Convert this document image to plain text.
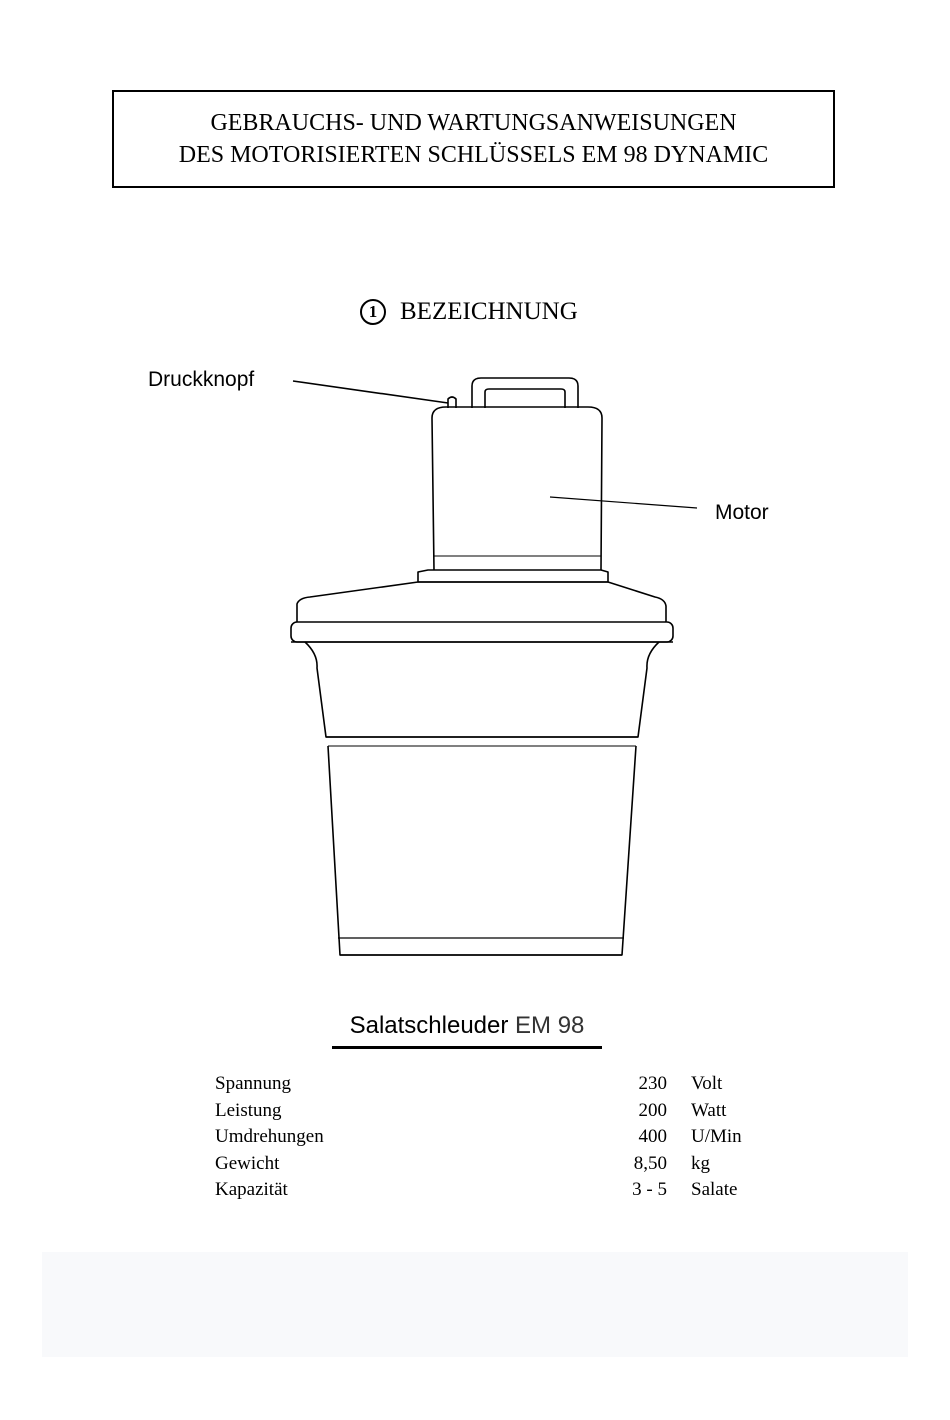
GEBRAUCHS- UND WARTUNGSANWEISUNGEN
DES MOTORISIERTEN SCHLÜSSELS EM 98 DYNAMIC
1 BEZEICHNUNG
Druckknopf
Motor
Salatschleuder EM 98
Spannung	230 Volt
Leistung	200 Watt
Umdrehungen	400 U/Min
Gewicht	8,50 kg
Kapazität	3 - 5 Salate
